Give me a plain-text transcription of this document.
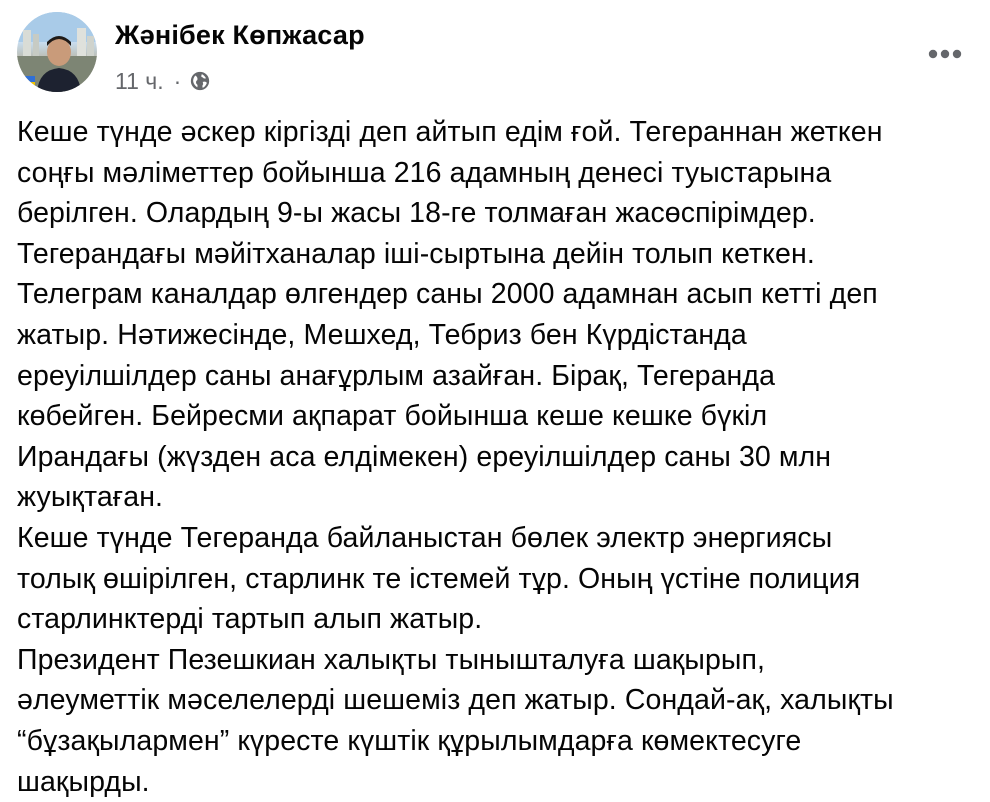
Жәнібек Көпжасар
11 ч. ·

Кеше түнде әскер кіргізді деп айтып едім ғой. Тегераннан жеткен
соңғы мәліметтер бойынша 216 адамның денесі туыстарына
берілген. Олардың 9-ы жасы 18-ге толмаған жасөспірімдер.
Тегерандағы мәйітханалар іші-сыртына дейін толып кеткен.
Телеграм каналдар өлгендер саны 2000 адамнан асып кетті деп
жатыр. Нәтижесінде, Мешхед, Тебриз бен Күрдістанда
ереуілшілдер саны анағұрлым азайған. Бірақ, Тегеранда
көбейген. Бейресми ақпарат бойынша кеше кешке бүкіл
Ирандағы (жүзден аса елдімекен) ереуілшілдер саны 30 млн
жуықтаған.

Кеше түнде Тегеранда байланыстан бөлек электр энергиясы
толық өшірілген, старлинк те істемей тұр. Оның үстіне полиция
старлинктерді тартып алып жатыр.

Президент Пезешкиан халықты тынышталуға шақырып,
әлеуметтік мәселелерді шешеміз деп жатыр. Сондай-ақ, халықты
“бұзақылармен” күресте күштік құрылымдарға көмектесуге
шақырды.
